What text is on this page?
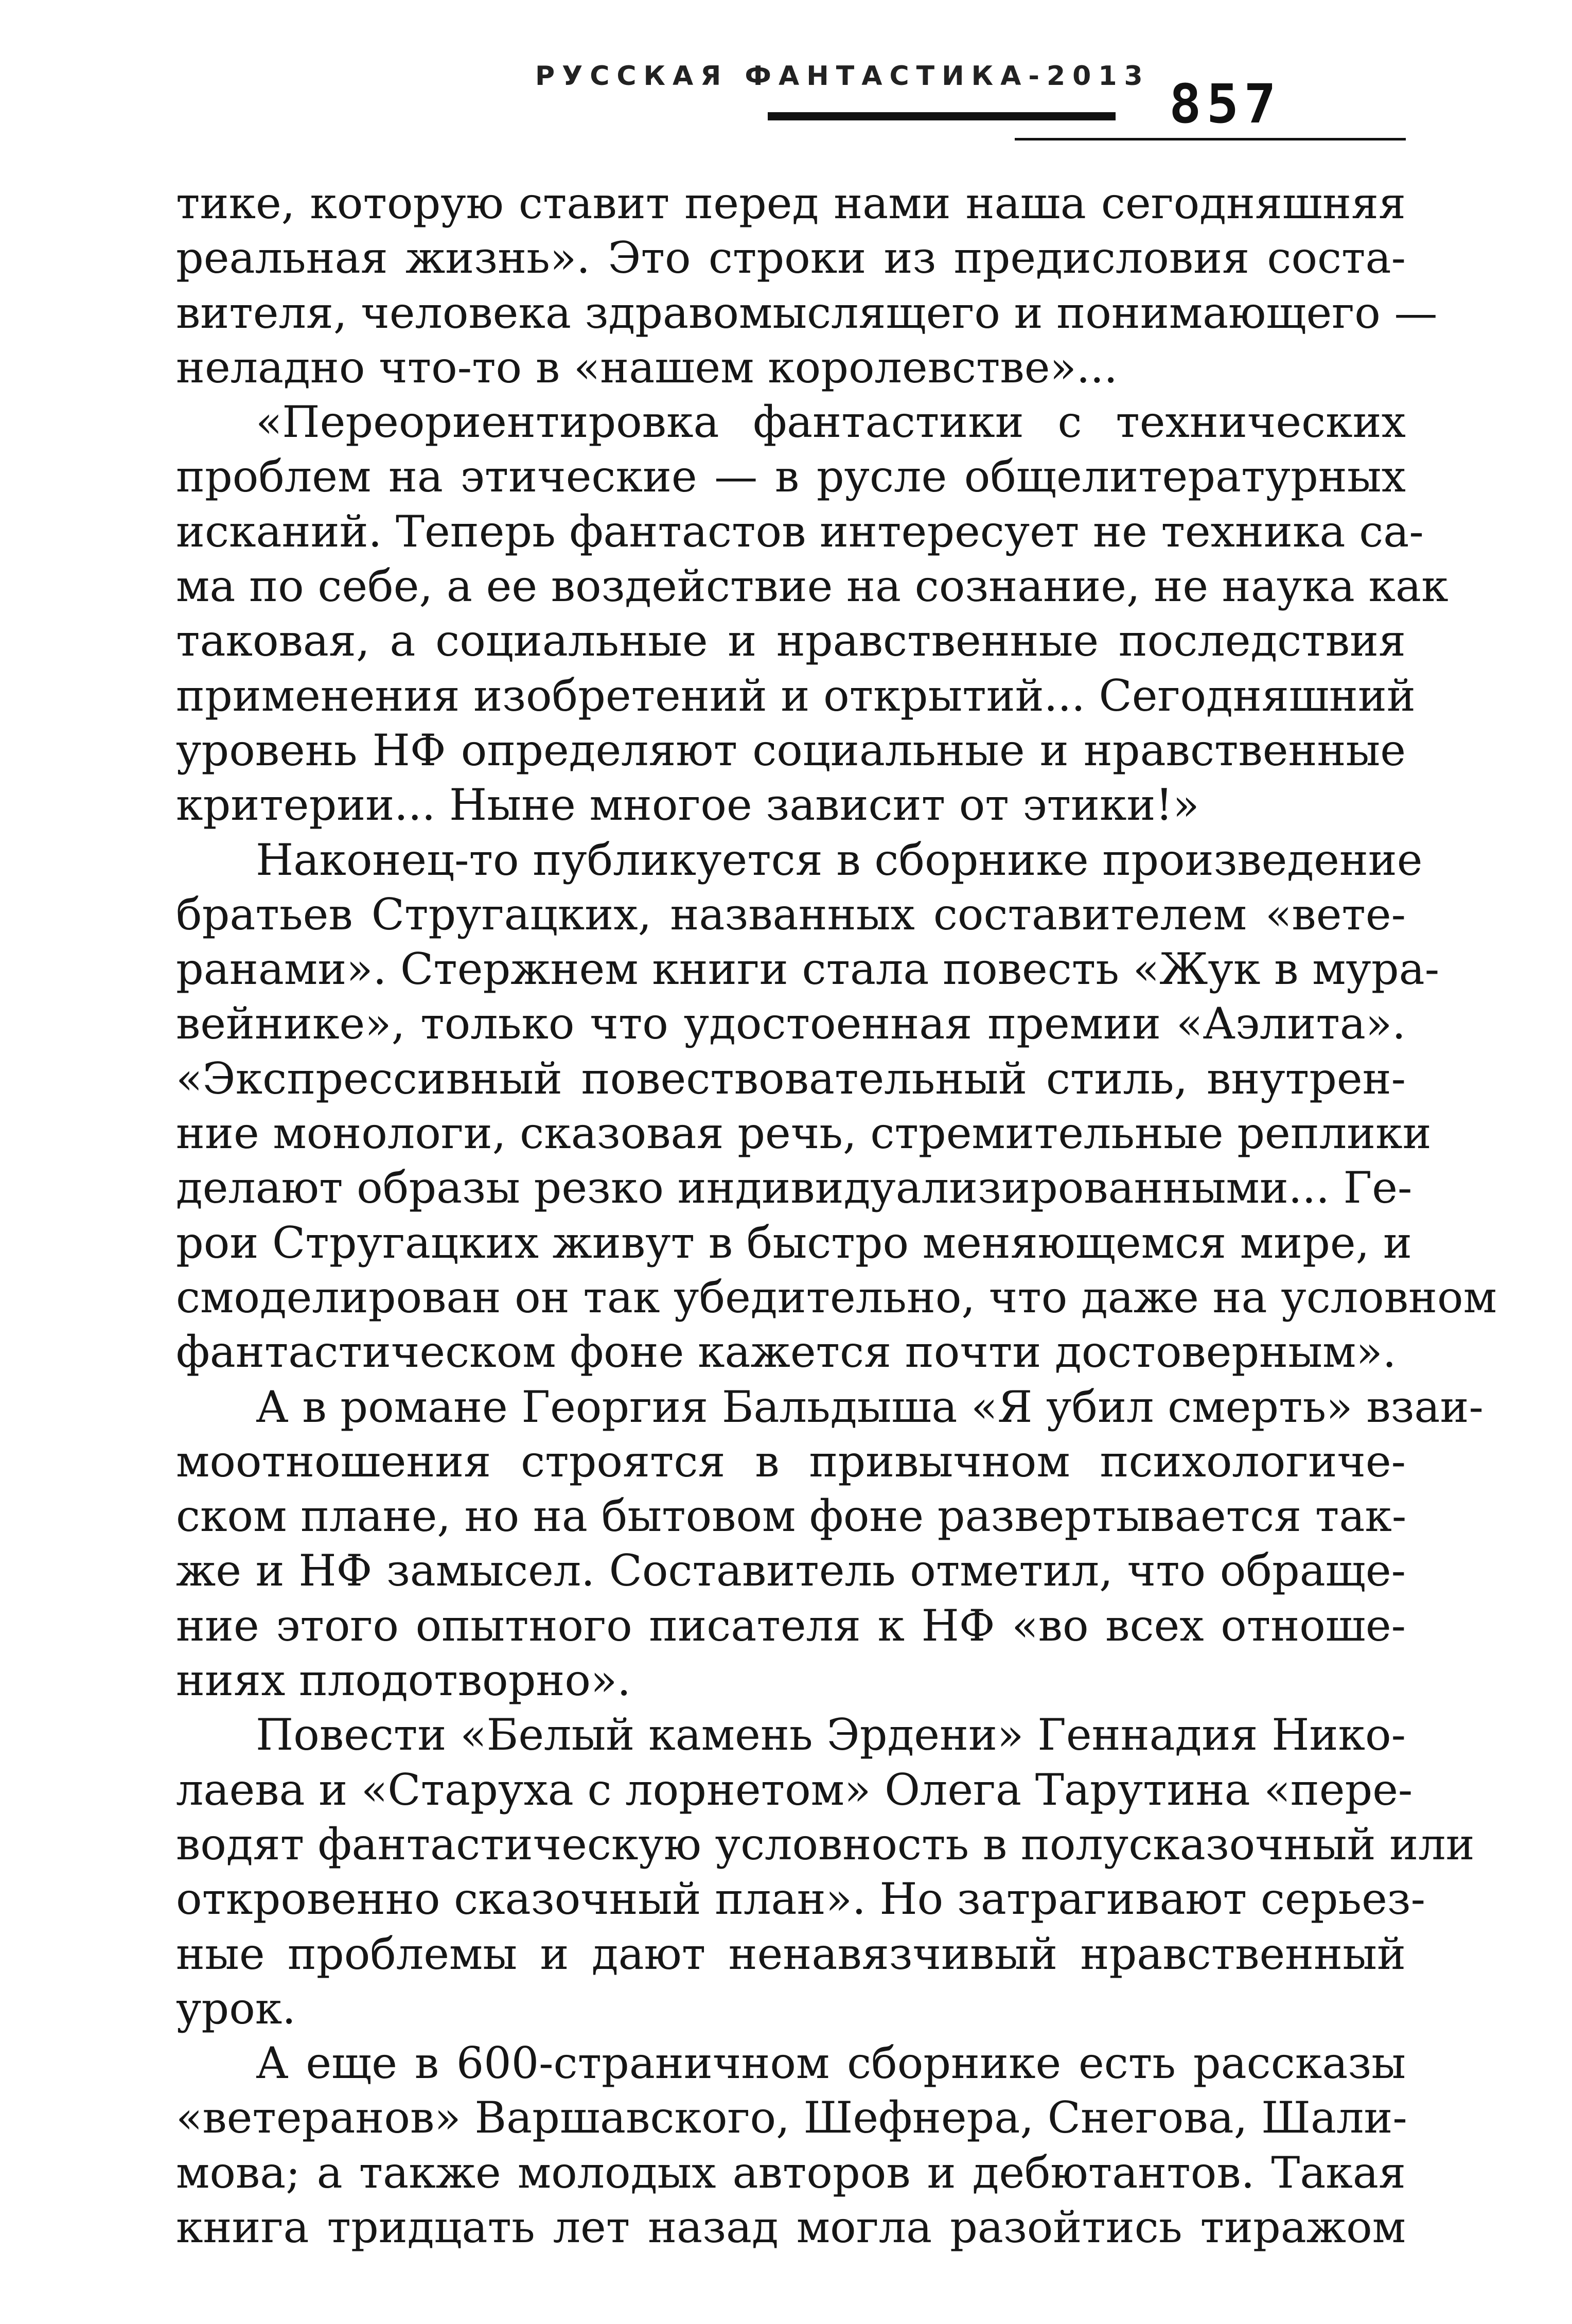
РУССКАЯ ФАНТАСТИКА-2013 857
тике, которую ставит перед нами наша сегодняшняя
реальная жизнь». Это строки из предисловия соста-
вителя, человека здравомыслящего и понимающего —
неладно что-то в «нашем королевстве»...
«Переориентировка фантастики с технических
проблем на этические — в русле общелитературных
исканий. Теперь фантастов интересует не техника са-
ма по себе, а ее воздействие на сознание, не наука как
таковая, а социальные и нравственные последствия
применения изобретений и открытий... Сегодняшний
уровень НФ определяют социальные и нравственные
критерии... Ныне многое зависит от этики!»
Наконец-то публикуется в сборнике произведение
братьев Стругацких, названных составителем «вете-
ранами». Стержнем книги стала повесть «Жук в мура-
вейнике», только что удостоенная премии «Аэлита».
«Экспрессивный повествовательный стиль, внутрен-
ние монологи, сказовая речь, стремительные реплики
делают образы резко индивидуализированными... Ге-
рои Стругацких живут в быстро меняющемся мире, и
смоделирован он так убедительно, что даже на условном
фантастическом фоне кажется почти достоверным».
А в романе Георгия Бальдыша «Я убил смерть» взаи-
моотношения строятся в привычном психологиче-
ском плане, но на бытовом фоне развертывается так-
же и НФ замысел. Составитель отметил, что обраще-
ние этого опытного писателя к НФ «во всех отноше-
ниях плодотворно».
Повести «Белый камень Эрдени» Геннадия Нико-
лаева и «Старуха с лорнетом» Олега Тарутина «пере-
водят фантастическую условность в полусказочный или
откровенно сказочный план». Но затрагивают серьез-
ные проблемы и дают ненавязчивый нравственный
урок.
А еще в 600-страничном сборнике есть рассказы
«ветеранов» Варшавского, Шефнера, Снегова, Шали-
мова; а также молодых авторов и дебютантов. Такая
книга тридцать лет назад могла разойтись тиражом
